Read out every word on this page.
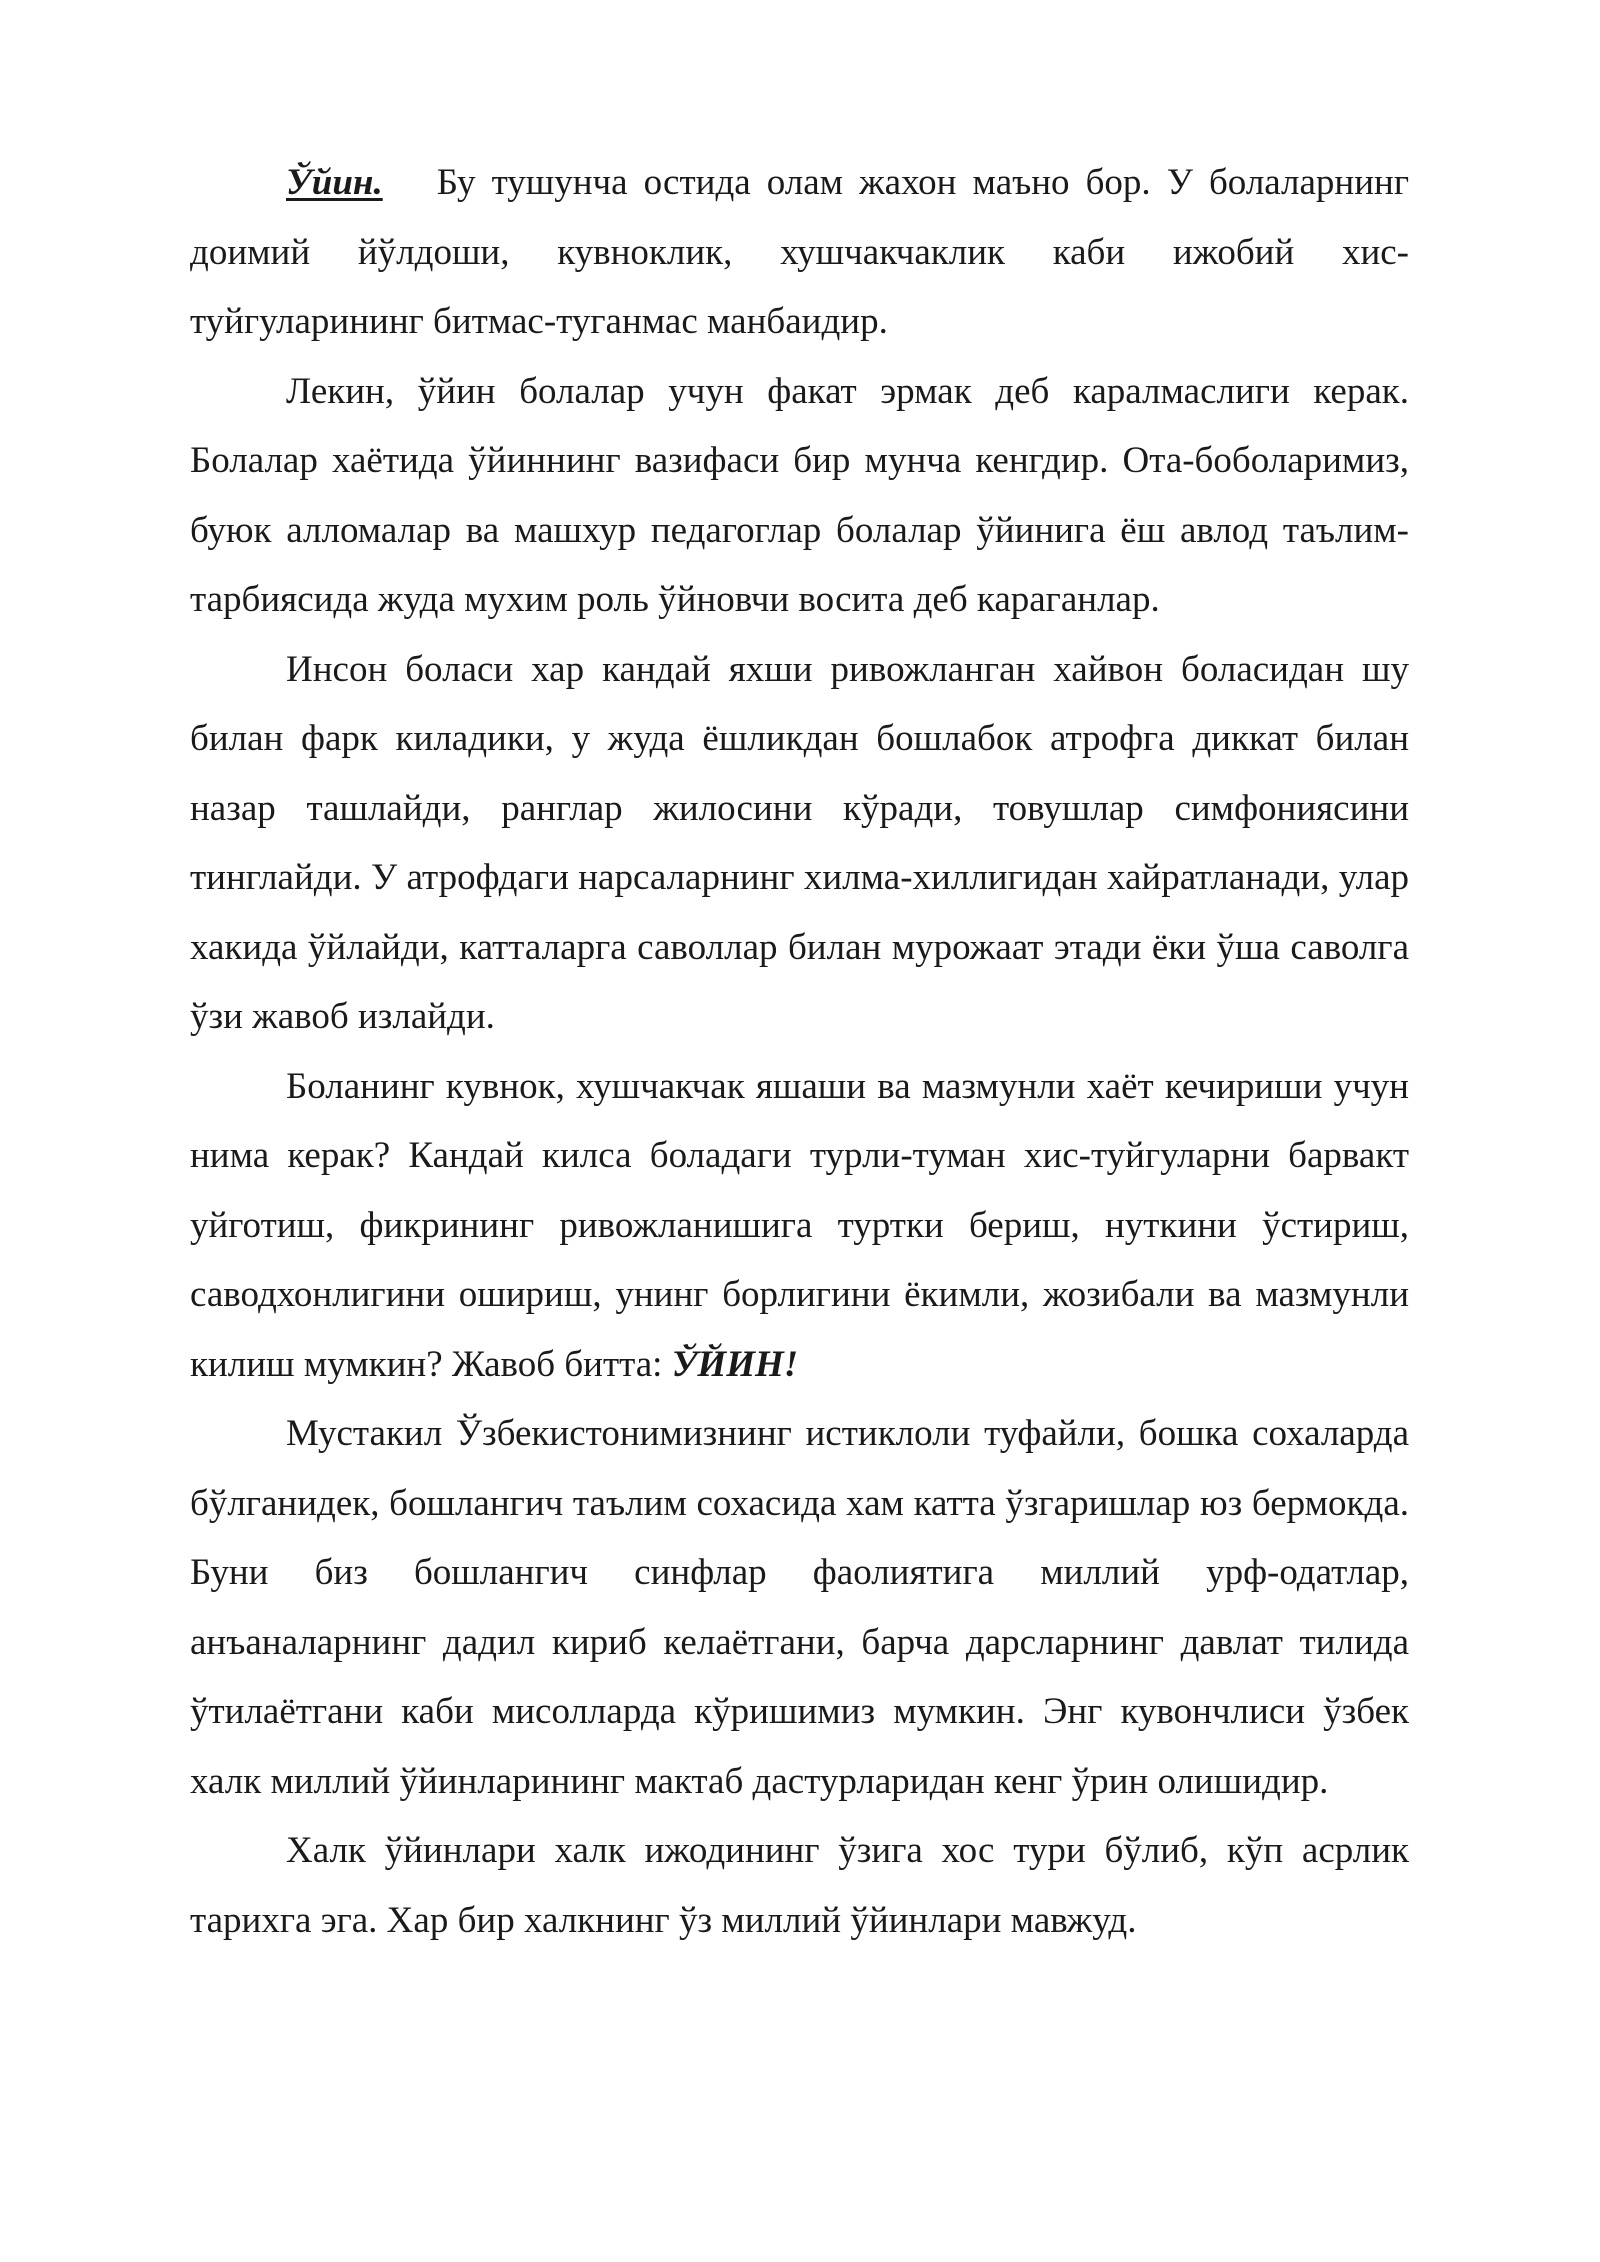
Ўйин. Бу тушунча остида олам жахон маъно бор. У болаларнинг доимий йўлдоши, кувноклик, хушчакчаклик каби ижобий хис-туйгуларининг битмас-туганмас манбаидир.

Лекин, ўйин болалар учун факат эрмак деб каралмаслиги керак. Болалар хаётида ўйиннинг вазифаси бир мунча кенгдир. Ота-боболаримиз, буюк алломалар ва машхур педагоглар болалар ўйинига ёш авлод таълим-тарбиясида жуда мухим роль ўйновчи восита деб караганлар.

Инсон боласи хар кандай яхши ривожланган хайвон боласидан шу билан фарк киладики, у жуда ёшликдан бошлабок атрофга диккат билан назар ташлайди, ранглар жилосини кўради, товушлар симфониясини тинглайди. У атрофдаги нарсаларнинг хилма-хиллигидан хайратланади, улар хакида ўйлайди, катталарга саволлар билан мурожаат этади ёки ўша саволга ўзи жавоб излайди.

Боланинг кувнок, хушчакчак яшаши ва мазмунли хаёт кечириши учун нима керак? Кандай килса боладаги турли-туман хис-туйгуларни барвакт уйготиш, фикрининг ривожланишига туртки бериш, нуткини ўстириш, саводхонлигини ошириш, унинг борлигини ёкимли, жозибали ва мазмунли килиш мумкин? Жавоб битта: ЎЙИН!

Мустакил Ўзбекистонимизнинг истиклоли туфайли, бошка сохаларда бўлганидек, бошлангич таълим сохасида хам катта ўзгаришлар юз бермокда. Буни биз бошлангич синфлар фаолиятига миллий урф-одатлар, анъаналарнинг дадил кириб келаётгани, барча дарсларнинг давлат тилида ўтилаётгани каби мисолларда кўришимиз мумкин. Энг кувончлиси ўзбек халк миллий ўйинларининг мактаб дастурларидан кенг ўрин олишидир.

Халк ўйинлари халк ижодининг ўзига хос тури бўлиб, кўп асрлик тарихга эга. Хар бир халкнинг ўз миллий ўйинлари мавжуд.
